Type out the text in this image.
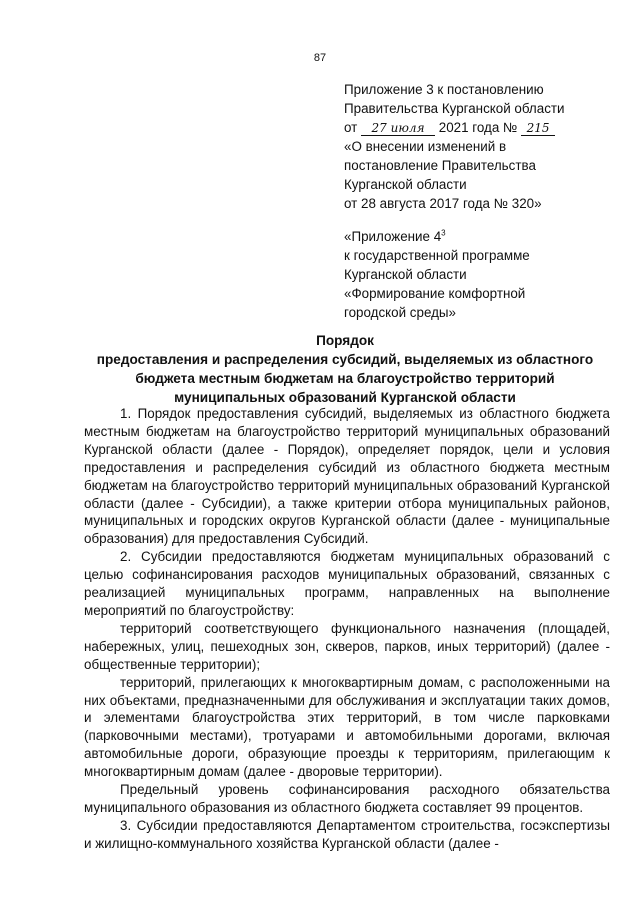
87
Приложение 3 к постановлению
Правительства Курганской области
от 27 июля 2021 года № 215
«О внесении изменений в
постановление Правительства
Курганской области
от 28 августа 2017 года № 320»
«Приложение $4^3$
к государственной программе
Курганской области
«Формирование комфортной
городской среды»
Порядок
предоставления и распределения субсидий, выделяемых из областного
бюджета местным бюджетам на благоустройство территорий
муниципальных образований Курганской области

1. Порядок предоставления субсидий, выделяемых из областного бюджета местным бюджетам на благоустройство территорий муниципальных образований Курганской области (далее - Порядок), определяет порядок, цели и условия предоставления и распределения субсидий из областного бюджета местным бюджетам на благоустройство территорий муниципальных образований Курганской области (далее - Субсидии), а также критерии отбора муниципальных районов, муниципальных и городских округов Курганской области (далее - муниципальные образования) для предоставления Субсидий.

2. Субсидии предоставляются бюджетам муниципальных образований с целью софинансирования расходов муниципальных образований, связанных с реализацией муниципальных программ, направленных на выполнение мероприятий по благоустройству:

территорий соответствующего функционального назначения (площадей, набережных, улиц, пешеходных зон, скверов, парков, иных территорий) (далее - общественные территории);

территорий, прилегающих к многоквартирным домам, с расположенными на них объектами, предназначенными для обслуживания и эксплуатации таких домов, и элементами благоустройства этих территорий, в том числе парковками (парковочными местами), тротуарами и автомобильными дорогами, включая автомобильные дороги, образующие проезды к территориям, прилегающим к многоквартирным домам (далее - дворовые территории).

Предельный уровень софинансирования расходного обязательства муниципального образования из областного бюджета составляет 99 процентов.

3. Субсидии предоставляются Департаментом строительства, госэкспертизы и жилищно-коммунального хозяйства Курганской области (далее -
